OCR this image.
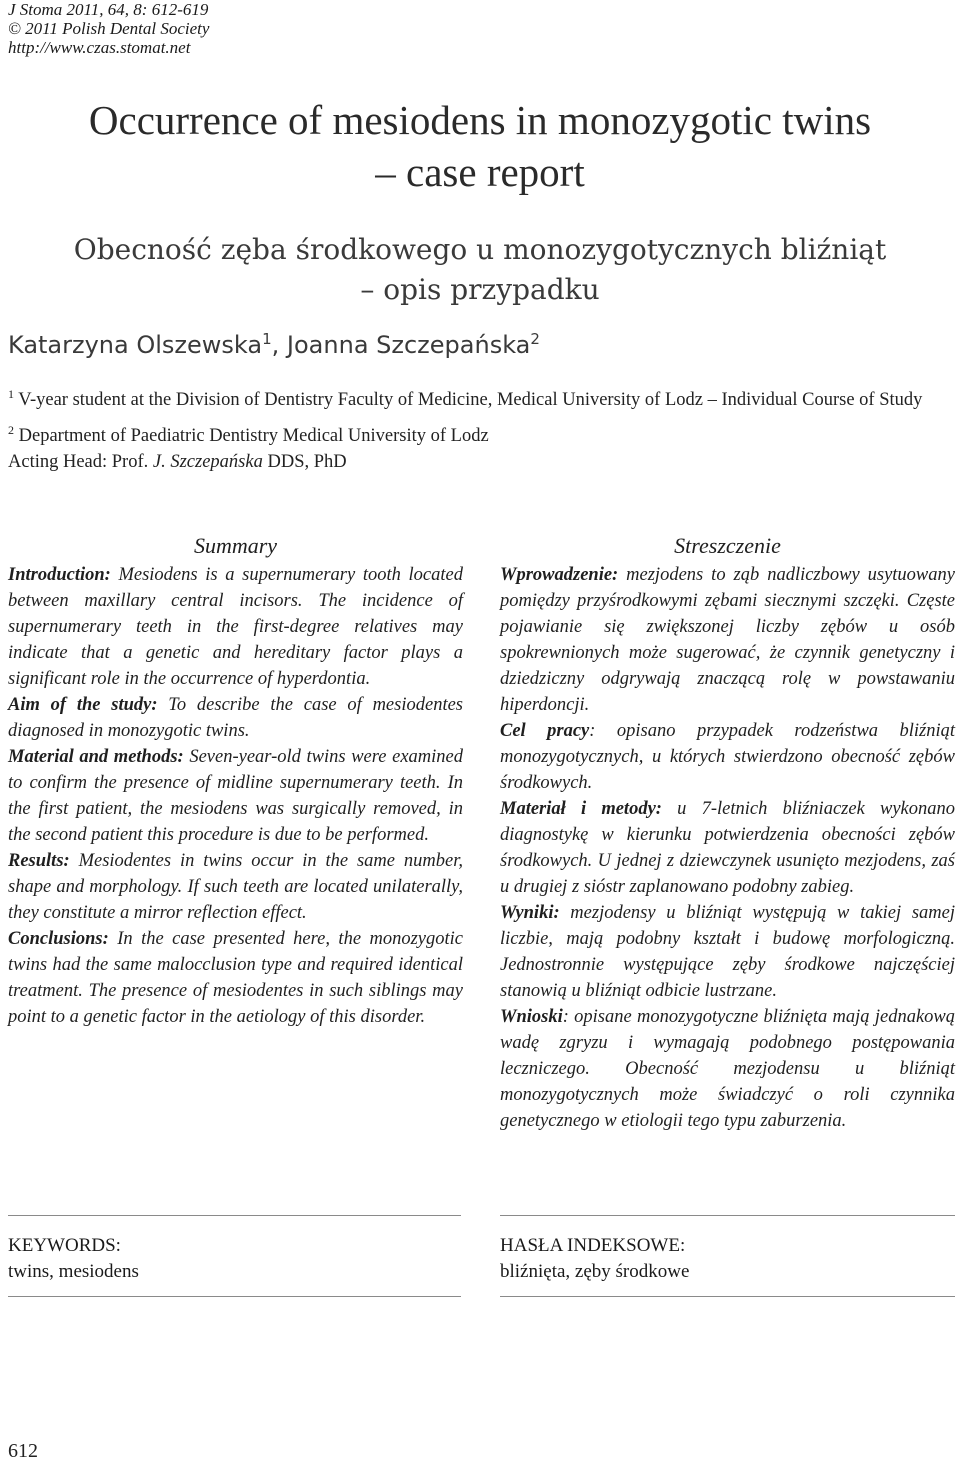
J Stoma 2011, 64, 8: 612-619
© 2011 Polish Dental Society
http://www.czas.stomat.net
Occurrence of mesiodens in monozygotic twins
– case report
Obecność zęba środkowego u monozygotycznych bliźniąt
– opis przypadku
Katarzyna Olszewska$^1$, Joanna Szczepańska$^2$

$^1$ V-year student at the Division of Dentistry Faculty of Medicine, Medical University of Lodz – Individual Course of Study

$^2$ Department of Paediatric Dentistry Medical University of Lodz
Acting Head: Prof. J. Szczepańska DDS, PhD

Summary

Introduction: Mesiodens is a supernumerary tooth located between maxillary central incisors. The incidence of supernumerary teeth in the first-degree relatives may indicate that a genetic and hereditary factor plays a significant role in the occurrence of hyperdontia.

Aim of the study: To describe the case of mesiodentes diagnosed in monozygotic twins.

Material and methods: Seven-year-old twins were examined to confirm the presence of midline supernumerary teeth. In the first patient, the mesiodens was surgically removed, in the second patient this procedure is due to be performed.

Results: Mesiodentes in twins occur in the same number, shape and morphology. If such teeth are located unilaterally, they constitute a mirror reflection effect.

Conclusions: In the case presented here, the monozygotic twins had the same malocclusion type and required identical treatment. The presence of mesiodentes in such siblings may point to a genetic factor in the aetiology of this disorder.

Streszczenie

Wprowadzenie: mezjodens to ząb nadliczbowy usytuowany pomiędzy przyśrodkowymi zębami siecznymi szczęki. Częste pojawianie się zwiększonej liczby zębów u osób spokrewnionych może sugerować, że czynnik genetyczny i dziedziczny odgrywają znaczącą rolę w powstawaniu hiperdoncji.

Cel pracy: opisano przypadek rodzeństwa bliźniąt monozygotycznych, u których stwierdzono obecność zębów środkowych.

Materiał i metody: u 7-letnich bliźniaczek wykonano diagnostykę w kierunku potwierdzenia obecności zębów środkowych. U jednej z dziewczynek usunięto mezjodens, zaś u drugiej z sióstr zaplanowano podobny zabieg.

Wyniki: mezjodensy u bliźniąt występują w takiej samej liczbie, mają podobny kształt i budowę morfologiczną. Jednostronnie występujące zęby środkowe najczęściej stanowią u bliźniąt odbicie lustrzane.

Wnioski: opisane monozygotyczne bliźnięta mają jednakową wadę zgryzu i wymagają podobnego postępowania leczniczego. Obecność mezjodensu u bliźniąt monozygotycznych może świadczyć o roli czynnika genetycznego w etiologii tego typu zaburzenia.

KEYWORDS:
twins, mesiodens
HASŁA INDEKSOWE:
bliźnięta, zęby środkowe
612
